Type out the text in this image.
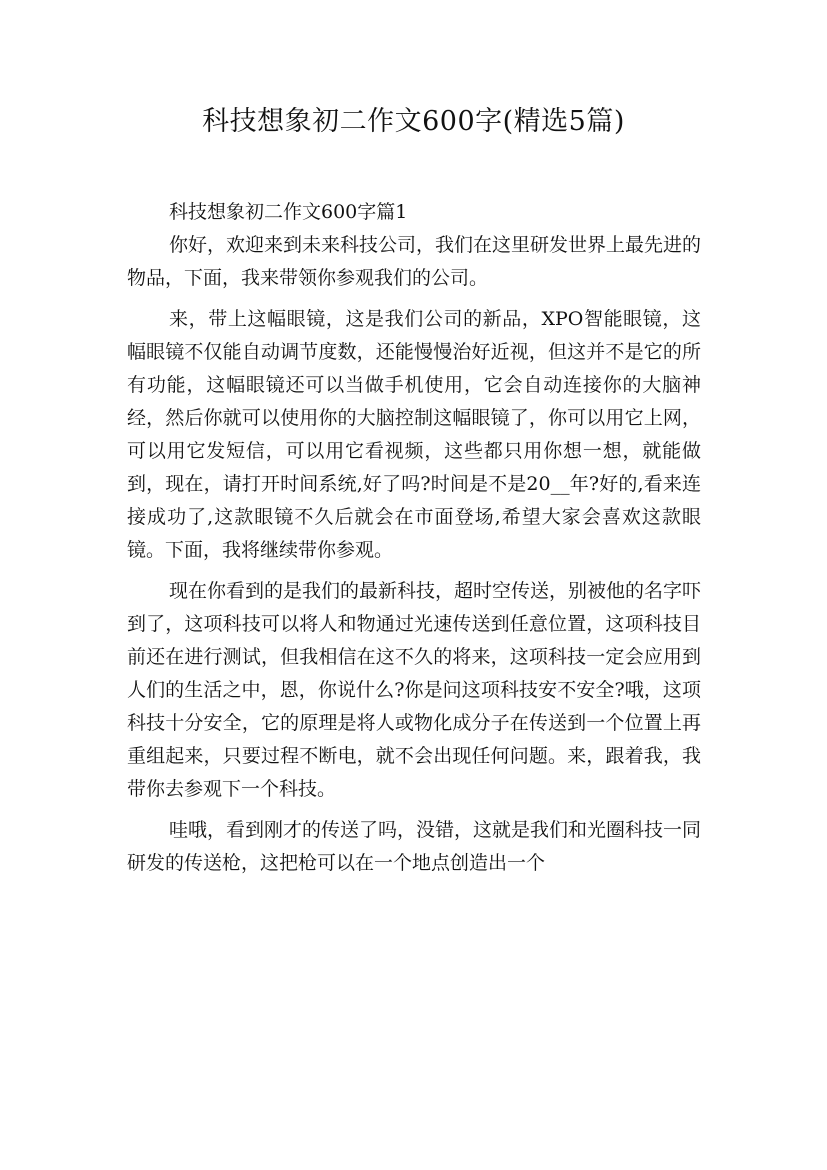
科技想象初二作文600字(精选5篇)

科技想象初二作文600字篇1

你好，欢迎来到未来科技公司，我们在这里研发世界上最先进的物品，下面，我来带领你参观我们的公司。

来，带上这幅眼镜，这是我们公司的新品，XPO智能眼镜，这幅眼镜不仅能自动调节度数，还能慢慢治好近视，但这并不是它的所有功能，这幅眼镜还可以当做手机使用，它会自动连接你的大脑神经，然后你就可以使用你的大脑控制这幅眼镜了，你可以用它上网，可以用它发短信，可以用它看视频，这些都只用你想一想，就能做到，现在，请打开时间系统,好了吗?时间是不是20__年?好的,看来连接成功了,这款眼镜不久后就会在市面登场,希望大家会喜欢这款眼镜。下面，我将继续带你参观。

现在你看到的是我们的最新科技，超时空传送，别被他的名字吓到了，这项科技可以将人和物通过光速传送到任意位置，这项科技目前还在进行测试，但我相信在这不久的将来，这项科技一定会应用到人们的生活之中，恩，你说什么?你是问这项科技安不安全?哦，这项科技十分安全，它的原理是将人或物化成分子在传送到一个位置上再重组起来，只要过程不断电，就不会出现任何问题。来，跟着我，我带你去参观下一个科技。

哇哦，看到刚才的传送了吗，没错，这就是我们和光圈科技一同研发的传送枪，这把枪可以在一个地点创造出一个
